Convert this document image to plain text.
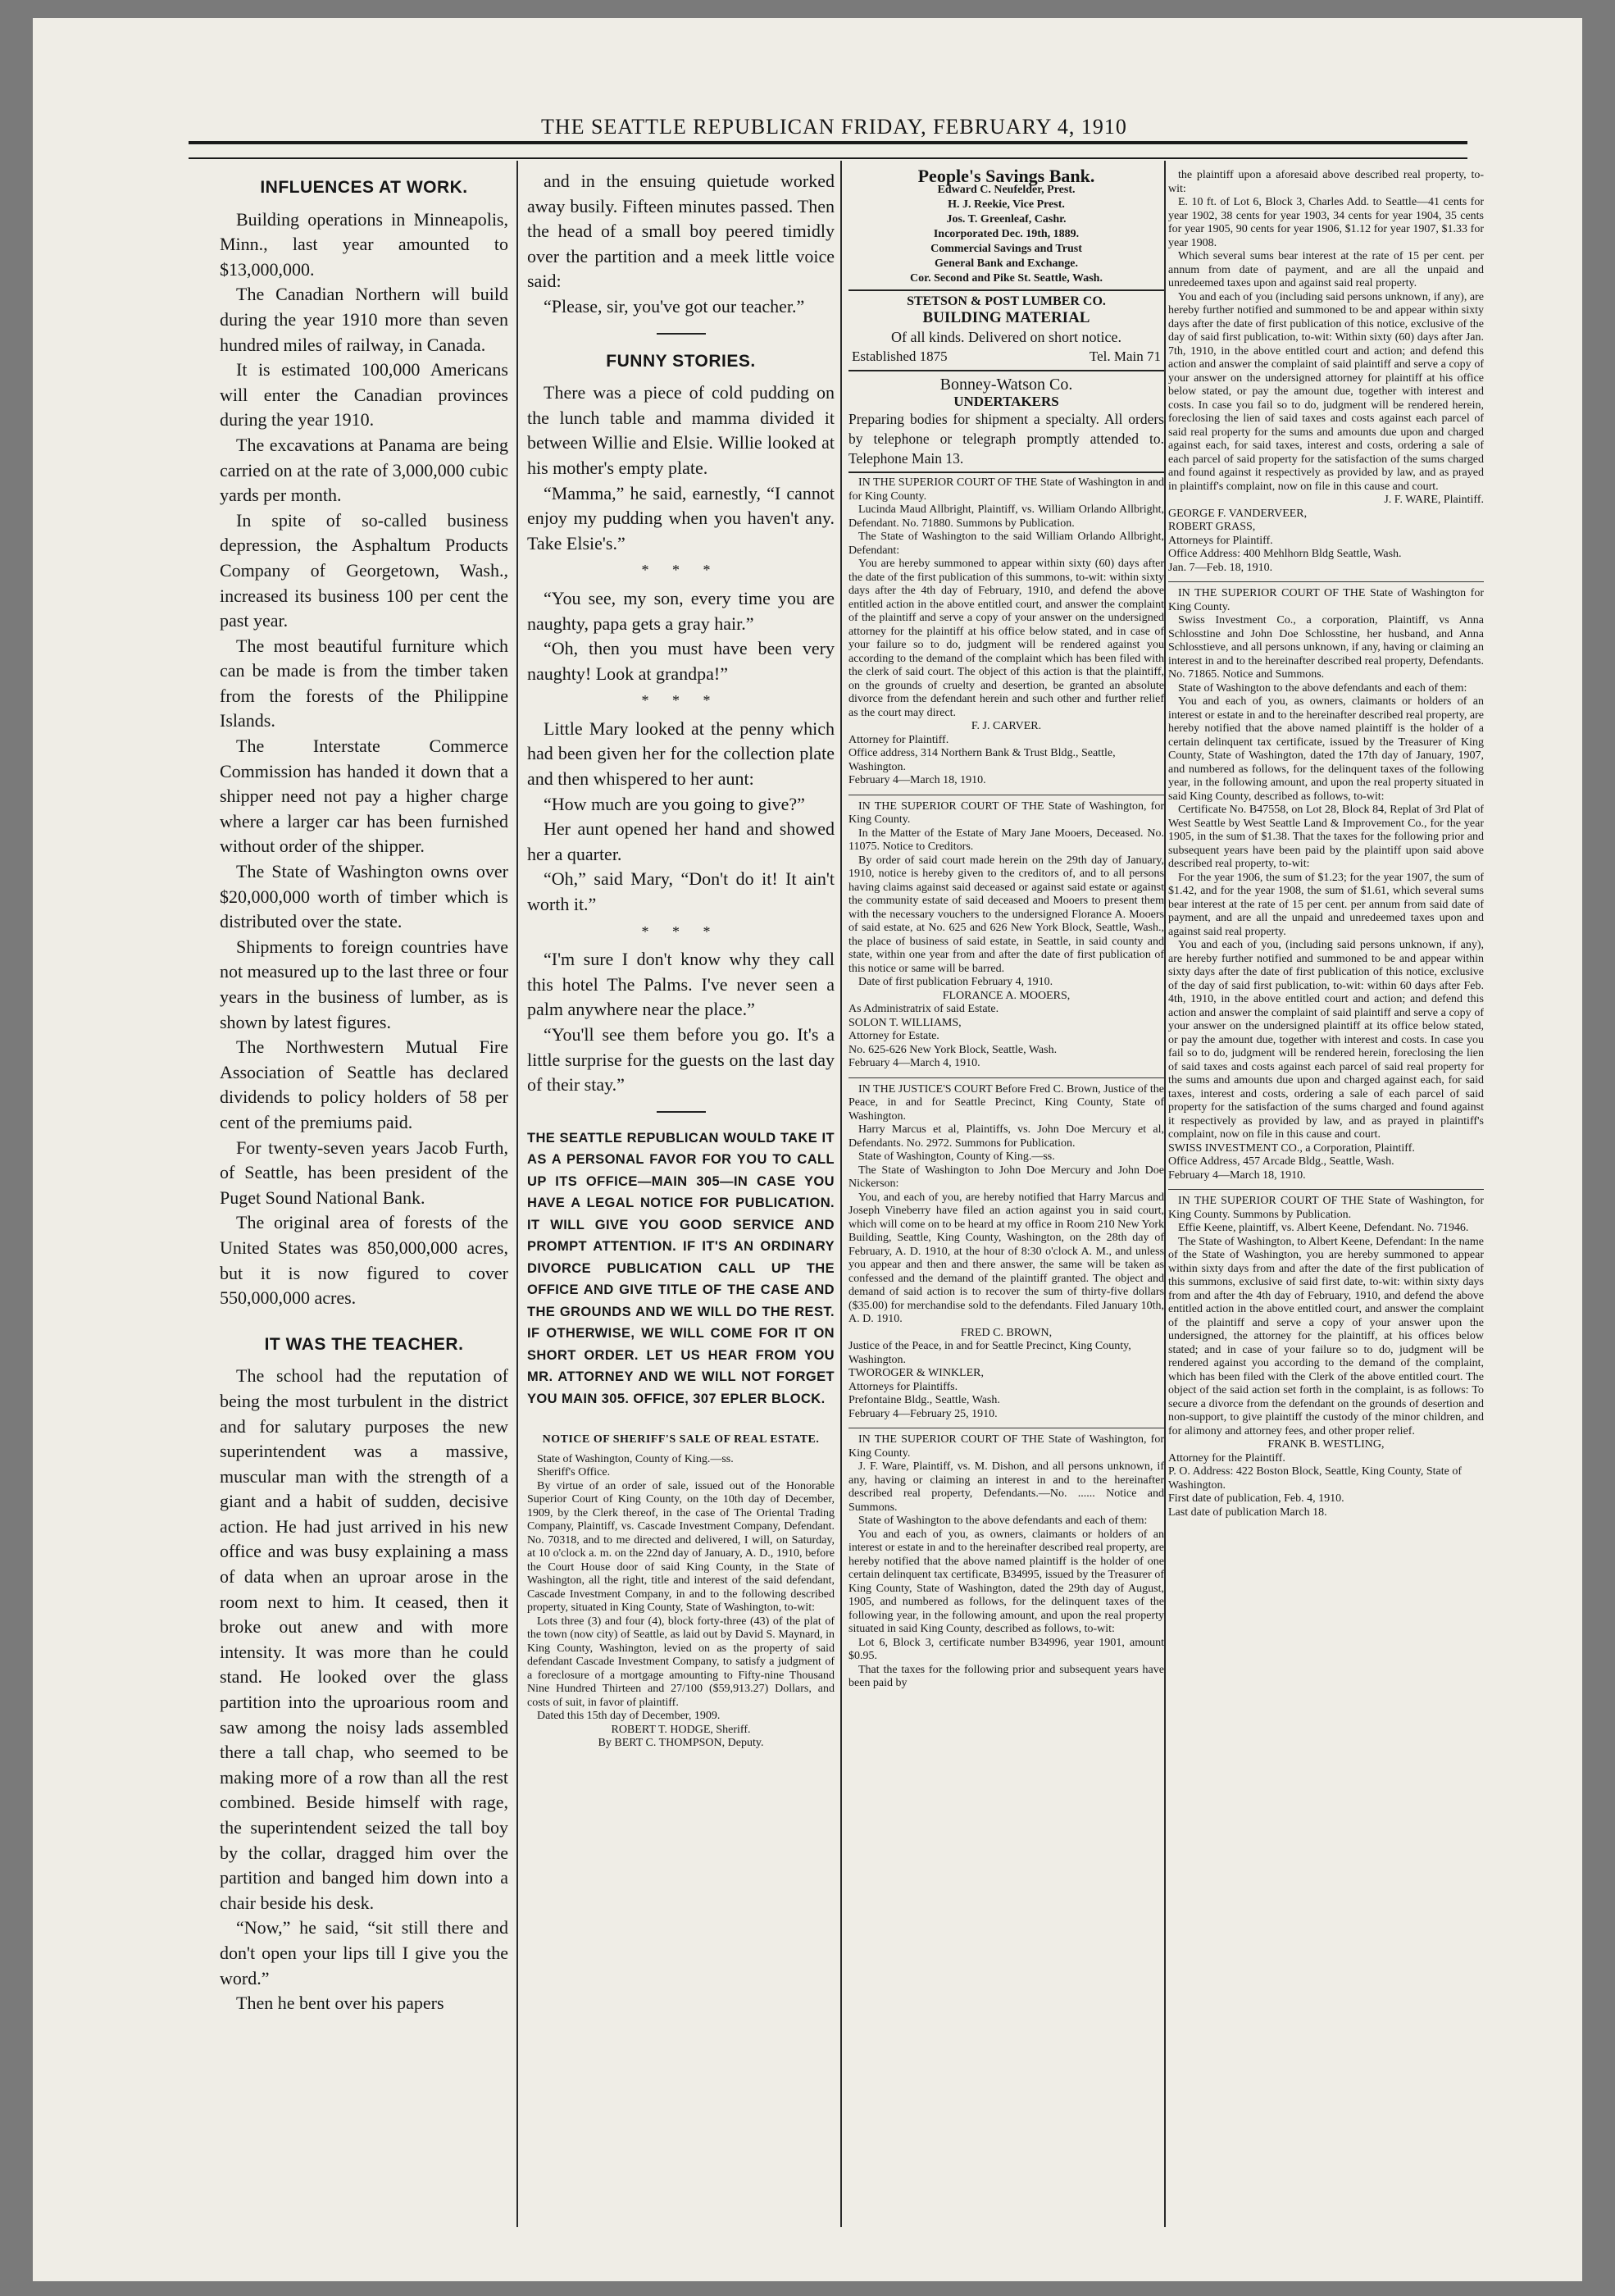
THE SEATTLE REPUBLICAN FRIDAY, FEBRUARY 4, 1910
INFLUENCES AT WORK.

Building operations in Minneapolis, Minn., last year amounted to $13,000,000.

The Canadian Northern will build during the year 1910 more than seven hundred miles of railway, in Canada.

It is estimated 100,000 Americans will enter the Canadian provinces during the year 1910.

The excavations at Panama are being carried on at the rate of 3,000,000 cubic yards per month.

In spite of so-called business depression, the Asphaltum Products Company of Georgetown, Wash., increased its business 100 per cent the past year.

The most beautiful furniture which can be made is from the timber taken from the forests of the Philippine Islands.

The Interstate Commerce Commission has handed it down that a shipper need not pay a higher charge where a larger car has been furnished without order of the shipper.

The State of Washington owns over $20,000,000 worth of timber which is distributed over the state.

Shipments to foreign countries have not measured up to the last three or four years in the business of lumber, as is shown by latest figures.

The Northwestern Mutual Fire Association of Seattle has declared dividends to policy holders of 58 per cent of the premiums paid.

For twenty-seven years Jacob Furth, of Seattle, has been president of the Puget Sound National Bank.

The original area of forests of the United States was 850,000,000 acres, but it is now figured to cover 550,000,000 acres.

IT WAS THE TEACHER.

The school had the reputation of being the most turbulent in the district and for salutary purposes the new superintendent was a massive, muscular man with the strength of a giant and a habit of sudden, decisive action. He had just arrived in his new office and was busy explaining a mass of data when an uproar arose in the room next to him. It ceased, then it broke out anew and with more intensity. It was more than he could stand. He looked over the glass partition into the uproarious room and saw among the noisy lads assembled there a tall chap, who seemed to be making more of a row than all the rest combined. Beside himself with rage, the superintendent seized the tall boy by the collar, dragged him over the partition and banged him down into a chair beside his desk.

“Now,” he said, “sit still there and don't open your lips till I give you the word.”

Then he bent over his papers

and in the ensuing quietude worked away busily. Fifteen minutes passed. Then the head of a small boy peered timidly over the partition and a meek little voice said:

“Please, sir, you've got our teacher.”

FUNNY STORIES.

There was a piece of cold pudding on the lunch table and mamma divided it between Willie and Elsie. Willie looked at his mother's empty plate.

“Mamma,” he said, earnestly, “I cannot enjoy my pudding when you haven't any. Take Elsie's.”

* * *

“You see, my son, every time you are naughty, papa gets a gray hair.”

“Oh, then you must have been very naughty! Look at grandpa!”

* * *

Little Mary looked at the penny which had been given her for the collection plate and then whispered to her aunt:

“How much are you going to give?”

Her aunt opened her hand and showed her a quarter.

“Oh,” said Mary, “Don't do it! It ain't worth it.”

* * *

“I'm sure I don't know why they call this hotel The Palms. I've never seen a palm anywhere near the place.”

“You'll see them before you go. It's a little surprise for the guests on the last day of their stay.”

THE SEATTLE REPUBLICAN WOULD TAKE IT AS A PERSONAL FAVOR FOR YOU TO CALL UP ITS OFFICE—MAIN 305—IN CASE YOU HAVE A LEGAL NOTICE FOR PUBLICATION. IT WILL GIVE YOU GOOD SERVICE AND PROMPT ATTENTION. IF IT'S AN ORDINARY DIVORCE PUBLICATION CALL UP THE OFFICE AND GIVE TITLE OF THE CASE AND THE GROUNDS AND WE WILL DO THE REST. IF OTHERWISE, WE WILL COME FOR IT ON SHORT ORDER. LET US HEAR FROM YOU MR. ATTORNEY AND WE WILL NOT FORGET YOU MAIN 305. OFFICE, 307 EPLER BLOCK.
NOTICE OF SHERIFF'S SALE OF REAL ESTATE.

State of Washington, County of King.—ss.

Sheriff's Office.

By virtue of an order of sale, issued out of the Honorable Superior Court of King County, on the 10th day of December, 1909, by the Clerk thereof, in the case of The Oriental Trading Company, Plaintiff, vs. Cascade Investment Company, Defendant. No. 70318, and to me directed and delivered, I will, on Saturday, at 10 o'clock a. m. on the 22nd day of January, A. D., 1910, before the Court House door of said King County, in the State of Washington, all the right, title and interest of the said defendant, Cascade Investment Company, in and to the following described property, situated in King County, State of Washington, to-wit:

Lots three (3) and four (4), block forty-three (43) of the plat of the town (now city) of Seattle, as laid out by David S. Maynard, in King County, Washington, levied on as the property of said defendant Cascade Investment Company, to satisfy a judgment of a foreclosure of a mortgage amounting to Fifty-nine Thousand Nine Hundred Thirteen and 27/100 ($59,913.27) Dollars, and costs of suit, in favor of plaintiff.

Dated this 15th day of December, 1909.

ROBERT T. HODGE, Sheriff.
By BERT C. THOMPSON, Deputy.
People's Savings Bank.
Edward C. Neufelder, Prest.
H. J. Reekie, Vice Prest.
Jos. T. Greenleaf, Cashr.
Incorporated Dec. 19th, 1889.
Commercial Savings and Trust
General Bank and Exchange.
Cor. Second and Pike St. Seattle, Wash.
STETSON & POST LUMBER CO.
BUILDING MATERIAL
Of all kinds. Delivered on short notice.
Established 1875	Tel. Main 71
Bonney-Watson Co.
UNDERTAKERS
Preparing bodies for shipment a specialty. All orders by telephone or telegraph promptly attended to. Telephone Main 13.

IN THE SUPERIOR COURT OF THE State of Washington in and for King County.

Lucinda Maud Allbright, Plaintiff, vs. William Orlando Allbright, Defendant. No. 71880. Summons by Publication.

The State of Washington to the said William Orlando Allbright, Defendant:

You are hereby summoned to appear within sixty (60) days after the date of the first publication of this summons, to-wit: within sixty days after the 4th day of February, 1910, and defend the above entitled action in the above entitled court, and answer the complaint of the plaintiff and serve a copy of your answer on the undersigned attorney for the plaintiff at his office below stated, and in case of your failure so to do, judgment will be rendered against you according to the demand of the complaint which has been filed with the clerk of said court. The object of this action is that the plaintiff, on the grounds of cruelty and desertion, be granted an absolute divorce from the defendant herein and such other and further relief as the court may direct.

F. J. CARVER.
Attorney for Plaintiff.
Office address, 314 Northern Bank & Trust Bldg., Seattle, Washington.
February 4—March 18, 1910.

IN THE SUPERIOR COURT OF THE State of Washington, for King County.

In the Matter of the Estate of Mary Jane Mooers, Deceased. No. 11075. Notice to Creditors.

By order of said court made herein on the 29th day of January, 1910, notice is hereby given to the creditors of, and to all persons having claims against said deceased or against said estate or against the community estate of said deceased and Mooers to present them with the necessary vouchers to the undersigned Florance A. Mooers of said estate, at No. 625 and 626 New York Block, Seattle, Wash., the place of business of said estate, in Seattle, in said county and state, within one year from and after the date of first publication of this notice or same will be barred.

Date of first publication February 4, 1910.

FLORANCE A. MOOERS,
As Administratrix of said Estate.
SOLON T. WILLIAMS,
Attorney for Estate.
No. 625-626 New York Block, Seattle, Wash.
February 4—March 4, 1910.

IN THE JUSTICE'S COURT Before Fred C. Brown, Justice of the Peace, in and for Seattle Precinct, King County, State of Washington.

Harry Marcus et al, Plaintiffs, vs. John Doe Mercury et al, Defendants. No. 2972. Summons for Publication.

State of Washington, County of King.—ss.

The State of Washington to John Doe Mercury and John Doe Nickerson:

You, and each of you, are hereby notified that Harry Marcus and Joseph Vineberry have filed an action against you in said court, which will come on to be heard at my office in Room 210 New York Building, Seattle, King County, Washington, on the 28th day of February, A. D. 1910, at the hour of 8:30 o'clock A. M., and unless you appear and then and there answer, the same will be taken as confessed and the demand of the plaintiff granted. The object and demand of said action is to recover the sum of thirty-five dollars ($35.00) for merchandise sold to the defendants. Filed January 10th, A. D. 1910.

FRED C. BROWN,
Justice of the Peace, in and for Seattle Precinct, King County, Washington.
TWOROGER & WINKLER,
Attorneys for Plaintiffs.
Prefontaine Bldg., Seattle, Wash.
February 4—February 25, 1910.

IN THE SUPERIOR COURT OF THE State of Washington, for King County.

J. F. Ware, Plaintiff, vs. M. Dishon, and all persons unknown, if any, having or claiming an interest in and to the hereinafter described real property, Defendants.—No. ...... Notice and Summons.

State of Washington to the above defendants and each of them:

You and each of you, as owners, claimants or holders of an interest or estate in and to the hereinafter described real property, are hereby notified that the above named plaintiff is the holder of one certain delinquent tax certificate, B34995, issued by the Treasurer of King County, State of Washington, dated the 29th day of August, 1905, and numbered as follows, for the delinquent taxes of the following year, in the following amount, and upon the real property situated in said King County, described as follows, to-wit:

Lot 6, Block 3, certificate number B34996, year 1901, amount $0.95.

That the taxes for the following prior and subsequent years have been paid by

the plaintiff upon a aforesaid above described real property, to-wit:

E. 10 ft. of Lot 6, Block 3, Charles Add. to Seattle—41 cents for year 1902, 38 cents for year 1903, 34 cents for year 1904, 35 cents for year 1905, 90 cents for year 1906, $1.12 for year 1907, $1.33 for year 1908.

Which several sums bear interest at the rate of 15 per cent. per annum from date of payment, and are all the unpaid and unredeemed taxes upon and against said real property.

You and each of you (including said persons unknown, if any), are hereby further notified and summoned to be and appear within sixty days after the date of first publication of this notice, exclusive of the day of said first publication, to-wit: Within sixty (60) days after Jan. 7th, 1910, in the above entitled court and action; and defend this action and answer the complaint of said plaintiff and serve a copy of your answer on the undersigned attorney for plaintiff at his office below stated, or pay the amount due, together with interest and costs. In case you fail so to do, judgment will be rendered herein, foreclosing the lien of said taxes and costs against each parcel of said real property for the sums and amounts due upon and charged against each, for said taxes, interest and costs, ordering a sale of each parcel of said property for the satisfaction of the sums charged and found against it respectively as provided by law, and as prayed in plaintiff's complaint, now on file in this cause and court.

J. F. WARE, Plaintiff.
GEORGE F. VANDERVEER,
ROBERT GRASS,
Attorneys for Plaintiff.
Office Address: 400 Mehlhorn Bldg Seattle, Wash.
Jan. 7—Feb. 18, 1910.

IN THE SUPERIOR COURT OF THE State of Washington for King County.

Swiss Investment Co., a corporation, Plaintiff, vs Anna Schlosstine and John Doe Schlosstine, her husband, and Anna Schlosstieve, and all persons unknown, if any, having or claiming an interest in and to the hereinafter described real property, Defendants. No. 71865. Notice and Summons.

State of Washington to the above defendants and each of them:

You and each of you, as owners, claimants or holders of an interest or estate in and to the hereinafter described real property, are hereby notified that the above named plaintiff is the holder of a certain delinquent tax certificate, issued by the Treasurer of King County, State of Washington, dated the 17th day of January, 1907, and numbered as follows, for the delinquent taxes of the following year, in the following amount, and upon the real property situated in said King County, described as follows, to-wit:

Certificate No. B47558, on Lot 28, Block 84, Replat of 3rd Plat of West Seattle by West Seattle Land & Improvement Co., for the year 1905, in the sum of $1.38. That the taxes for the following prior and subsequent years have been paid by the plaintiff upon said above described real property, to-wit:

For the year 1906, the sum of $1.23; for the year 1907, the sum of $1.42, and for the year 1908, the sum of $1.61, which several sums bear interest at the rate of 15 per cent. per annum from said date of payment, and are all the unpaid and unredeemed taxes upon and against said real property.

You and each of you, (including said persons unknown, if any), are hereby further notified and summoned to be and appear within sixty days after the date of first publication of this notice, exclusive of the day of said first publication, to-wit: within 60 days after Feb. 4th, 1910, in the above entitled court and action; and defend this action and answer the complaint of said plaintiff and serve a copy of your answer on the undersigned plaintiff at its office below stated, or pay the amount due, together with interest and costs. In case you fail so to do, judgment will be rendered herein, foreclosing the lien of said taxes and costs against each parcel of said real property for the sums and amounts due upon and charged against each, for said taxes, interest and costs, ordering a sale of each parcel of said property for the satisfaction of the sums charged and found against it respectively as provided by law, and as prayed in plaintiff's complaint, now on file in this cause and court.

SWISS INVESTMENT CO., a Corporation, Plaintiff.
Office Address, 457 Arcade Bldg., Seattle, Wash.
February 4—March 18, 1910.

IN THE SUPERIOR COURT OF THE State of Washington, for King County. Summons by Publication.

Effie Keene, plaintiff, vs. Albert Keene, Defendant. No. 71946.

The State of Washington, to Albert Keene, Defendant: In the name of the State of Washington, you are hereby summoned to appear within sixty days from and after the date of the first publication of this summons, exclusive of said first date, to-wit: within sixty days from and after the 4th day of February, 1910, and defend the above entitled action in the above entitled court, and answer the complaint of the plaintiff and serve a copy of your answer upon the undersigned, the attorney for the plaintiff, at his offices below stated; and in case of your failure so to do, judgment will be rendered against you according to the demand of the complaint, which has been filed with the Clerk of the above entitled court. The object of the said action set forth in the complaint, is as follows: To secure a divorce from the defendant on the grounds of desertion and non-support, to give plaintiff the custody of the minor children, and for alimony and attorney fees, and other proper relief.

FRANK B. WESTLING,
Attorney for the Plaintiff.
P. O. Address: 422 Boston Block, Seattle, King County, State of Washington.
First date of publication, Feb. 4, 1910.
Last date of publication March 18.
